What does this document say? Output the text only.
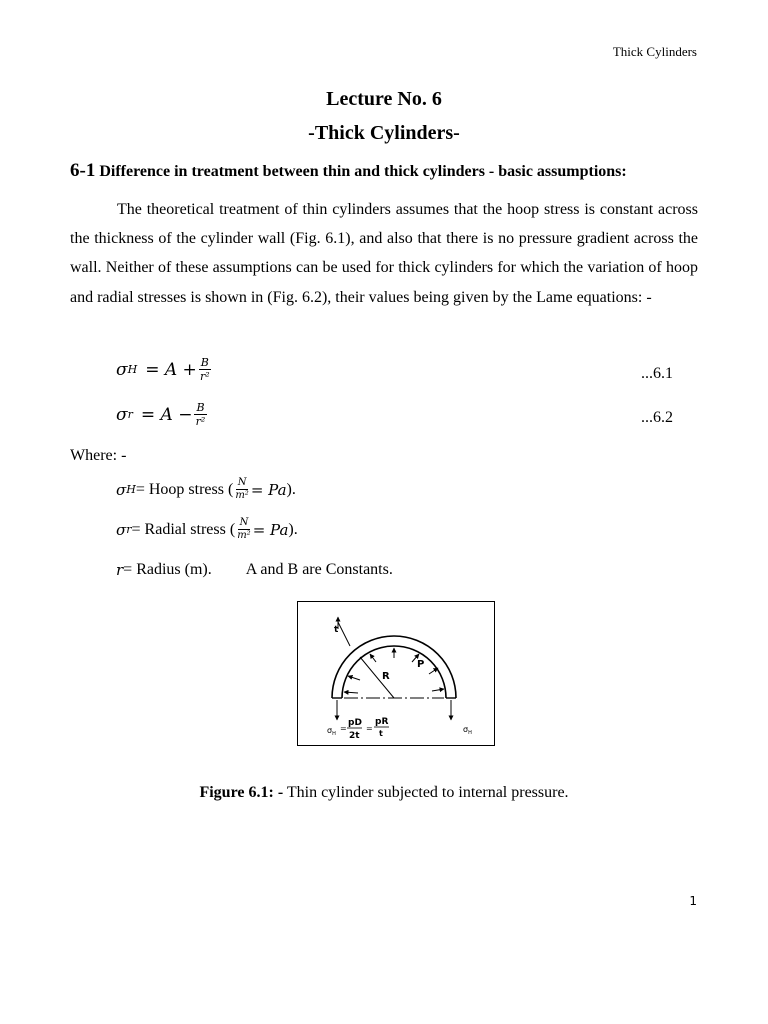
Thick Cylinders
Lecture No. 6
-Thick Cylinders-
6-1 Difference in treatment between thin and thick cylinders - basic assumptions:

The theoretical treatment of thin cylinders assumes that the hoop stress is constant across the thickness of the cylinder wall (Fig. 6.1), and also that there is no pressure gradient across the wall. Neither of these assumptions can be used for thick cylinders for which the variation of hoop and radial stresses is shown in (Fig. 6.2), their values being given by the Lame equations: -

σ $H = A + \frac{B}{\text{r²}}$	...6.1
σ $r = A - \frac{B}{\text{r²}}$	...6.2
Where: -
σ H = Hoop stress ( $\frac{N}{\text{m²}} = Pa$ ).
σ r = Radial stress ( $\frac{N}{\text{m²}} = Pa$ ).
r = Radius (m). A and B are Constants.
t
P
R
$\sigma_H$
=
pD
2t
=
pR
t	$\sigma_H$
Figure 6.1: - Thin cylinder subjected to internal pressure.
1
